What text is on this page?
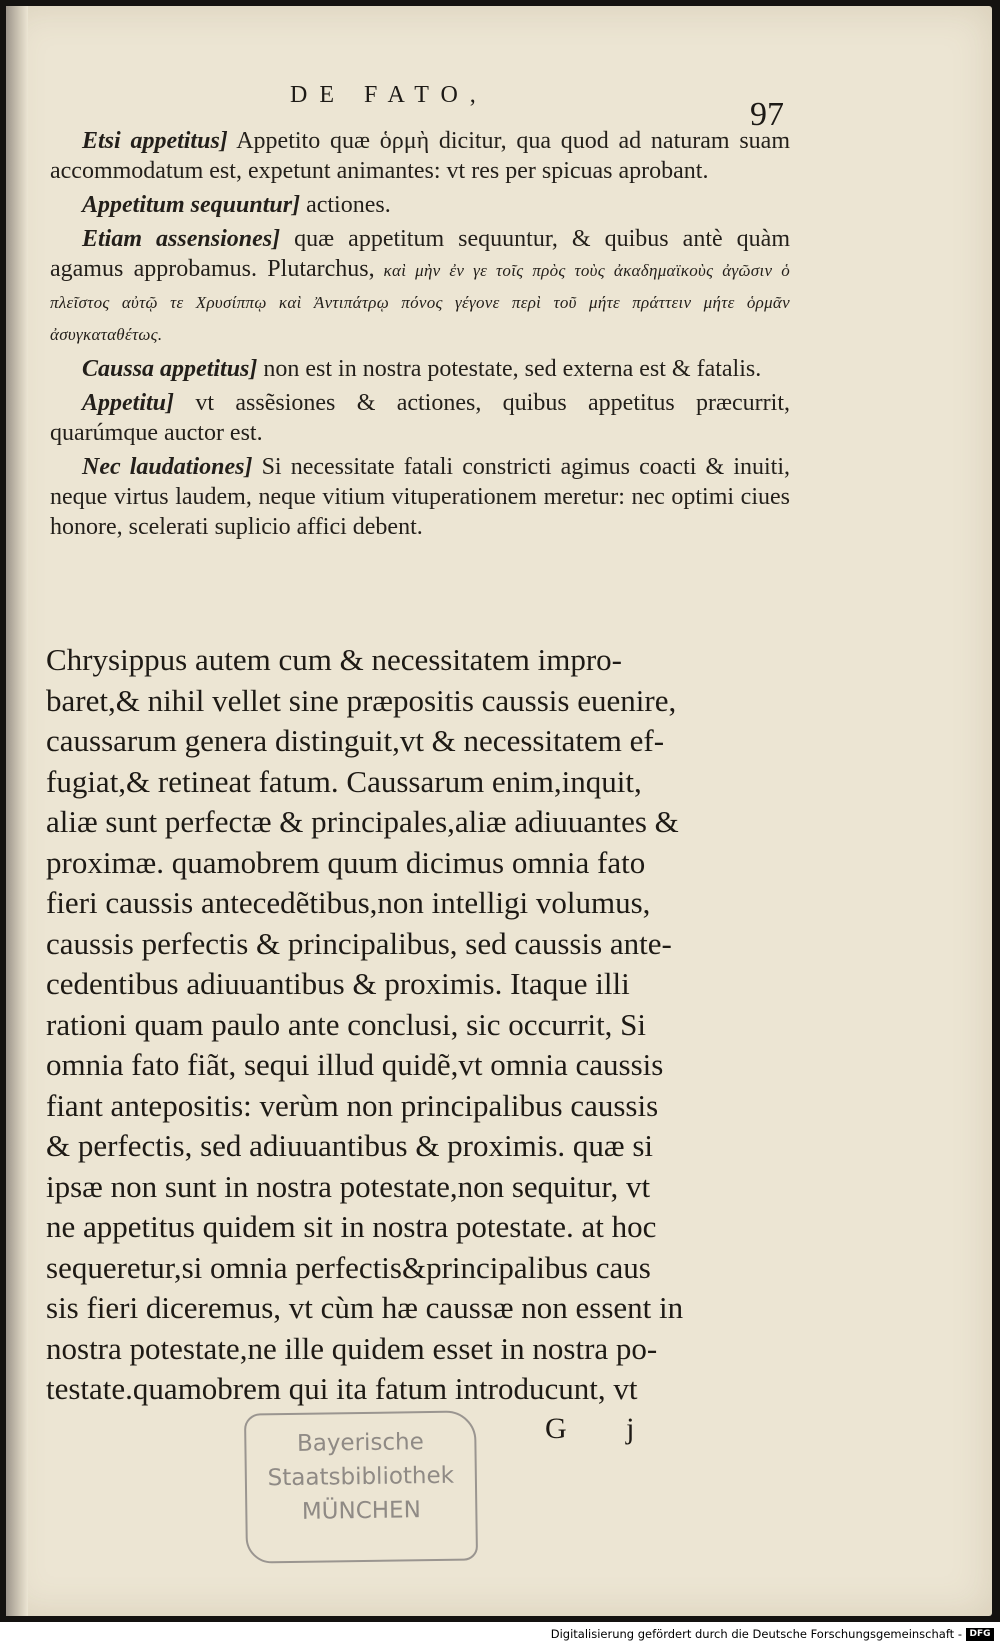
DE FATO,
97

Etsi appetitus] Appetito quæ ὁρμὴ dicitur, qua quod ad naturam suam accommodatum est, expetunt animantes: vt res per spicuas aprobant.

Appetitum sequuntur] actiones.

Etiam assensiones] quæ appetitum sequuntur, & quibus antè quàm agamus approbamus. Plutarchus, καὶ μὴν ἐν γε τοῖς πρὸς τοὺς ἀκαδημαϊκοὺς ἀγῶσιν ὁ πλεῖστος αὐτῷ τε Χρυσίππῳ καὶ Ἀντιπάτρῳ πόνος γέγονε περὶ τοῦ μήτε πράττειν μήτε ὁρμᾶν ἀσυγκαταθέτως.

Caussa appetitus] non est in nostra potestate, sed externa est & fatalis.

Appetitu] vt assẽsiones & actiones, quibus appetitus præcurrit, quarúmque auctor est.

Nec laudationes] Si necessitate fatali constricti agimus coacti & inuiti, neque virtus laudem, neque vitium vituperationem meretur: nec optimi ciues honore, scelerati suplicio affici debent.

Chrysippus autem cum & necessitatem impro-
baret,& nihil vellet sine præpositis caussis euenire,
caussarum genera distinguit,vt & necessitatem ef-
fugiat,& retineat fatum. Caussarum enim,inquit,
aliæ sunt perfectæ & principales,aliæ adiuuantes &
proximæ. quamobrem quum dicimus omnia fato
fieri caussis antecedẽtibus,non intelligi volumus,
caussis perfectis & principalibus, sed caussis ante-
cedentibus adiuuantibus & proximis. Itaque illi
rationi quam paulo ante conclusi, sic occurrit, Si
omnia fato fiãt, sequi illud quidẽ,vt omnia caussis
fiant antepositis: verùm non principalibus caussis
& perfectis, sed adiuuantibus & proximis. quæ si
ipsæ non sunt in nostra potestate,non sequitur, vt
ne appetitus quidem sit in nostra potestate. at hoc
sequeretur,si omnia perfectis&principalibus caus
sis fieri diceremus, vt cùm hæ caussæ non essent in
nostra potestate,ne ille quidem esset in nostra po-
testate.quamobrem qui ita fatum introducunt, vt
G j
Bayerische
Staatsbibliothek
MÜNCHEN
Digitalisierung gefördert durch die Deutsche Forschungsgemeinschaft - DFG
